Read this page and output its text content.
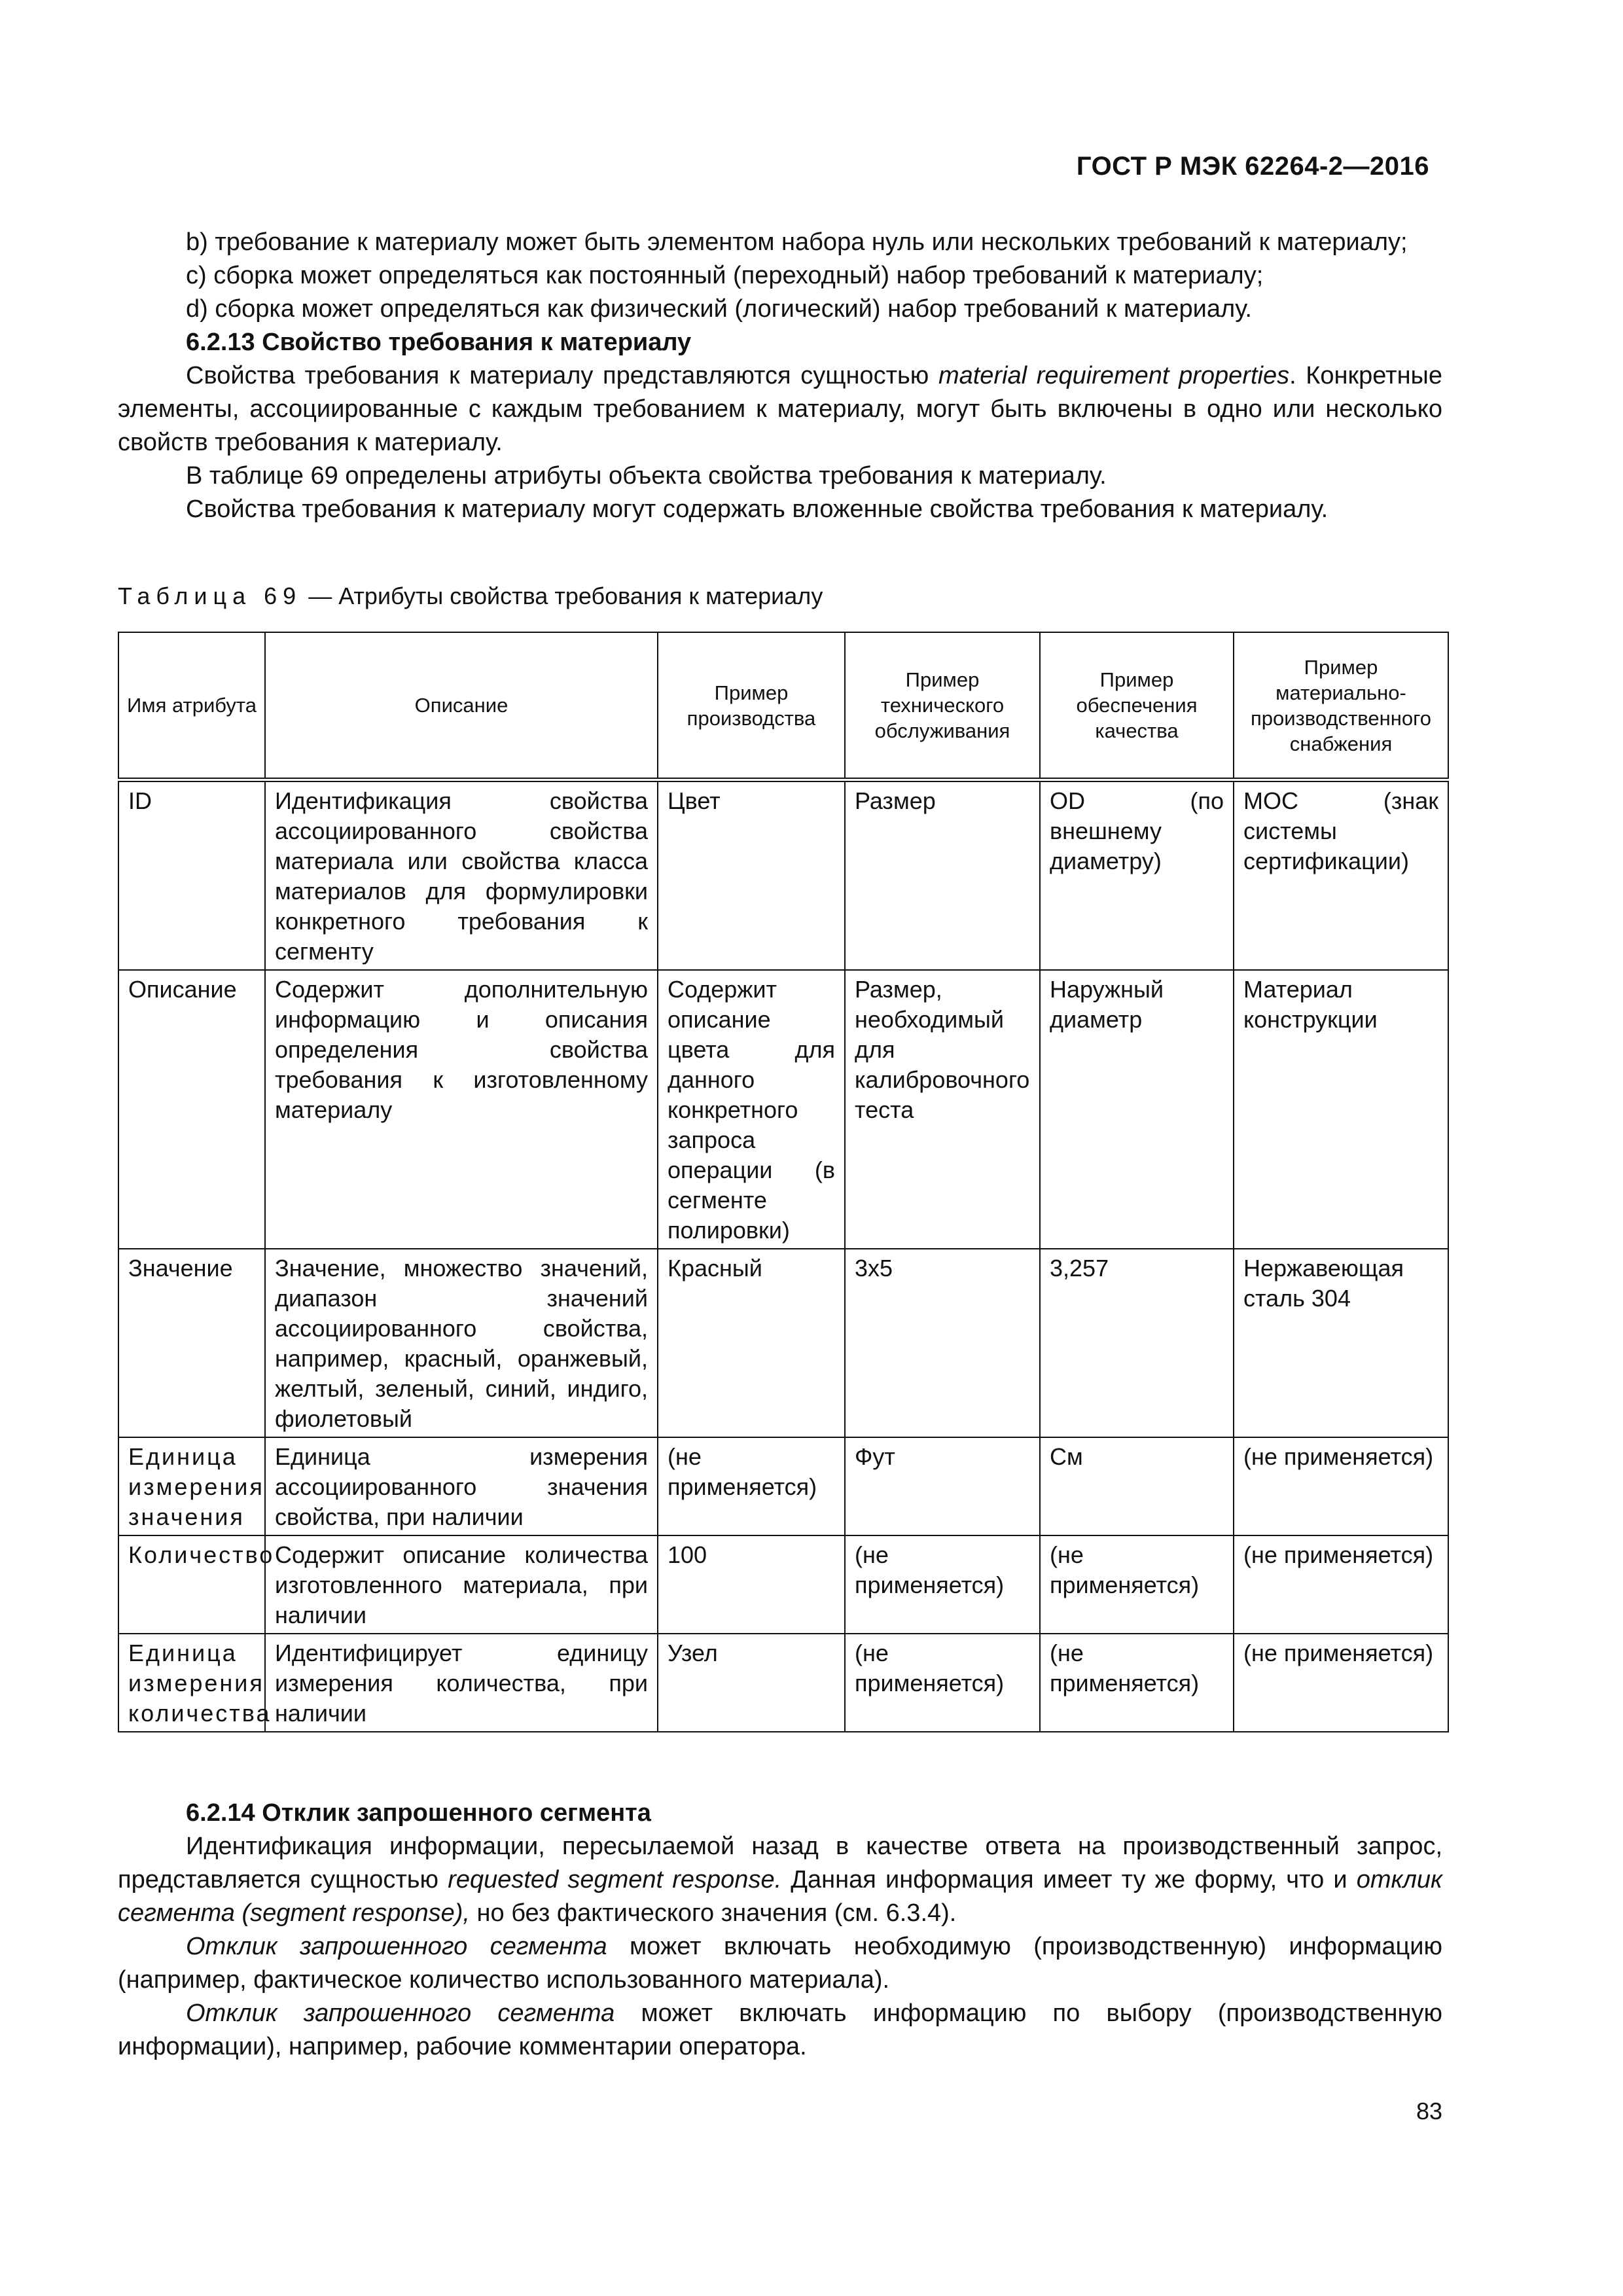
ГОСТ Р МЭК 62264-2—2016

b) требование к материалу может быть элементом набора нуль или нескольких требований к материалу;

c) сборка может определяться как постоянный (переходный) набор требований к материалу;

d) сборка может определяться как физический (логический) набор требований к материалу.

6.2.13 Свойство требования к материалу

Свойства требования к материалу представляются сущностью material requirement properties. Конкретные элементы, ассоциированные с каждым требованием к материалу, могут быть включены в одно или несколько свойств требования к материалу.

В таблице 69 определены атрибуты объекта свойства требования к материалу.

Свойства требования к материалу могут содержать вложенные свойства требования к материалу.

Таблица 69 — Атрибуты свойства требования к материалу
Имя атрибута	Описание	Пример производства	Пример технического обслуживания	Пример обеспечения качества	Пример материально-производственного снабжения
ID	Идентификация свойства ассоциированного свойства материала или свойства класса материалов для формулировки конкретного требования к сегменту	Цвет	Размер	OD (по внешнему диаметру)	MOC (знак системы сертификации)
Описание	Содержит дополнительную информацию и описания определения свойства требования к изготовленному материалу	Содержит описание цвета для данного конкретного запроса операции (в сегменте полировки)	Размер, необходимый для калибровочного теста	Наружный диаметр	Материал конструкции
Значение	Значение, множество значений, диапазон значений ассоциированного свойства, например, красный, оранжевый, желтый, зеленый, синий, индиго, фиолетовый	Красный	3x5	3,257	Нержавеющая сталь 304
Единица измерения значения	Единица измерения ассоциированного значения свойства, при наличии	(не применяется)	Фут	См	(не применяется)
Количество	Содержит описание количества изготовленного материала, при наличии	100	(не применяется)	(не применяется)	(не применяется)
Единица измерения количества	Идентифицирует единицу измерения количества, при наличии	Узел	(не применяется)	(не применяется)	(не применяется)

6.2.14 Отклик запрошенного сегмента

Идентификация информации, пересылаемой назад в качестве ответа на производственный запрос, представляется сущностью requested segment response. Данная информация имеет ту же форму, что и отклик сегмента (segment response), но без фактического значения (см. 6.3.4).

Отклик запрошенного сегмента может включать необходимую (производственную) информацию (например, фактическое количество использованного материала).

Отклик запрошенного сегмента может включать информацию по выбору (производственную информации), например, рабочие комментарии оператора.

83
